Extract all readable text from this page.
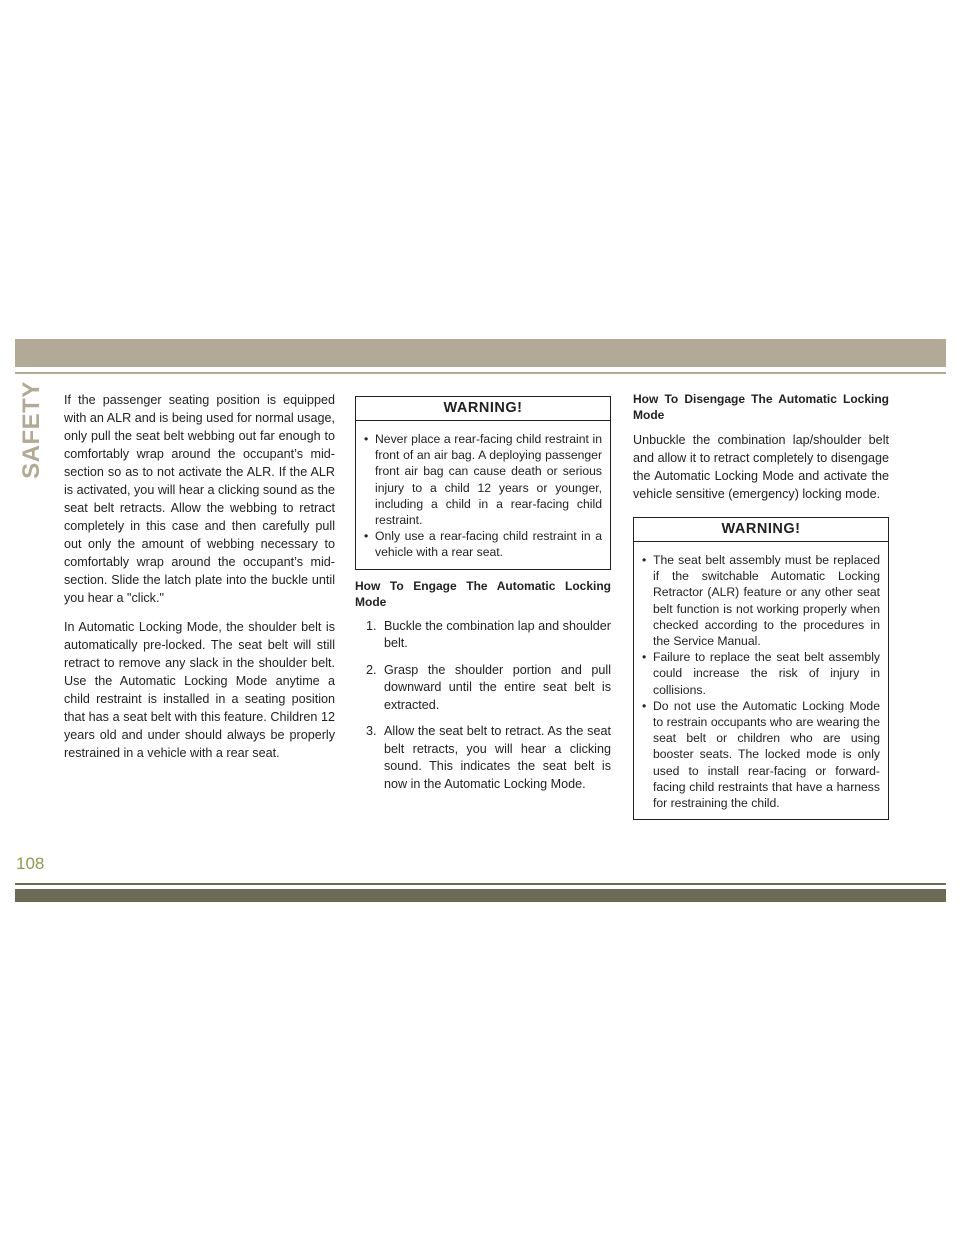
SAFETY If the passenger seating position is equipped with an ALR and is being used for normal usage, only pull the seat belt webbing out far enough to comfortably wrap around the occupant’s mid-section so as to not activate the ALR. If the ALR is activated, you will hear a clicking sound as the seat belt retracts. Allow the webbing to retract completely in this case and then carefully pull out only the amount of webbing necessary to comfortably wrap around the occupant’s mid-section. Slide the latch plate into the buckle until you hear a "click."

In Automatic Locking Mode, the shoulder belt is automatically pre-locked. The seat belt will still retract to remove any slack in the shoulder belt. Use the Automatic Locking Mode anytime a child restraint is installed in a seating position that has a seat belt with this feature. Children 12 years old and under should always be properly restrained in a vehicle with a rear seat.

WARNING!
• Never place a rear-facing child restraint in front of an air bag. A deploying passenger front air bag can cause death or serious injury to a child 12 years or younger, including a child in a rear-facing child restraint.
• Only use a rear-facing child restraint in a vehicle with a rear seat.
How To Engage The Automatic Locking Mode
1. Buckle the combination lap and shoulder belt.
2. Grasp the shoulder portion and pull downward until the entire seat belt is extracted.
3. Allow the seat belt to retract. As the seat belt retracts, you will hear a clicking sound. This indicates the seat belt is now in the Automatic Locking Mode.
How To Disengage The Automatic Locking Mode

Unbuckle the combination lap/shoulder belt and allow it to retract completely to disengage the Automatic Locking Mode and activate the vehicle sensitive (emergency) locking mode.

WARNING!
• The seat belt assembly must be replaced if the switchable Automatic Locking Retractor (ALR) feature or any other seat belt function is not working properly when checked according to the procedures in the Service Manual.
• Failure to replace the seat belt assembly could increase the risk of injury in collisions.
• Do not use the Automatic Locking Mode to restrain occupants who are wearing the seat belt or children who are using booster seats. The locked mode is only used to install rear-facing or forward-facing child restraints that have a harness for restraining the child.
108
